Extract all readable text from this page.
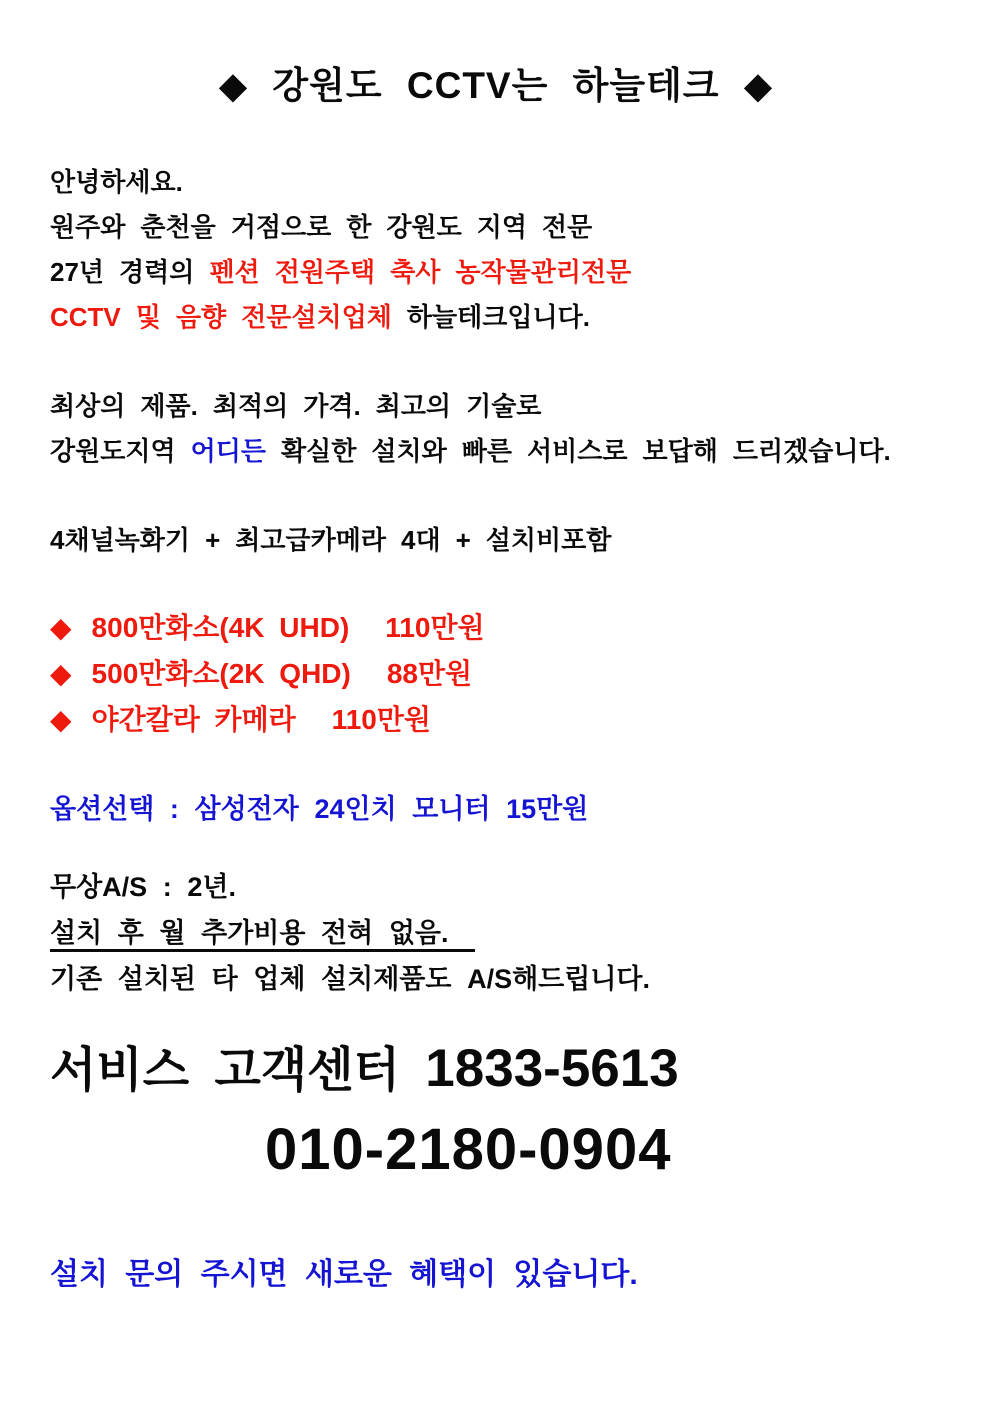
◆ 강원도 CCTV는 하늘테크 ◆
안녕하세요.
원주와 춘천을 거점으로 한 강원도 지역 전문
27년 경력의 펜션 전원주택 축사 농작물관리전문
CCTV 및 음향 전문설치업체 하늘테크입니다.
최상의 제품. 최적의 가격. 최고의 기술로
강원도지역 어디든 확실한 설치와 빠른 서비스로 보답해 드리겠습니다.
4채널녹화기 + 최고급카메라 4대 + 설치비포함
◆ 800만화소(4K UHD) 110만원
◆ 500만화소(2K QHD) 88만원
◆ 야간칼라 카메라 110만원
옵션선택 : 삼성전자 24인치 모니터 15만원
무상A/S : 2년.
설치 후 월 추가비용 전혀 없음.
기존 설치된 타 업체 설치제품도 A/S해드립니다.
서비스 고객센터 1833-5613
010-2180-0904
설치 문의 주시면 새로운 혜택이 있습니다.
